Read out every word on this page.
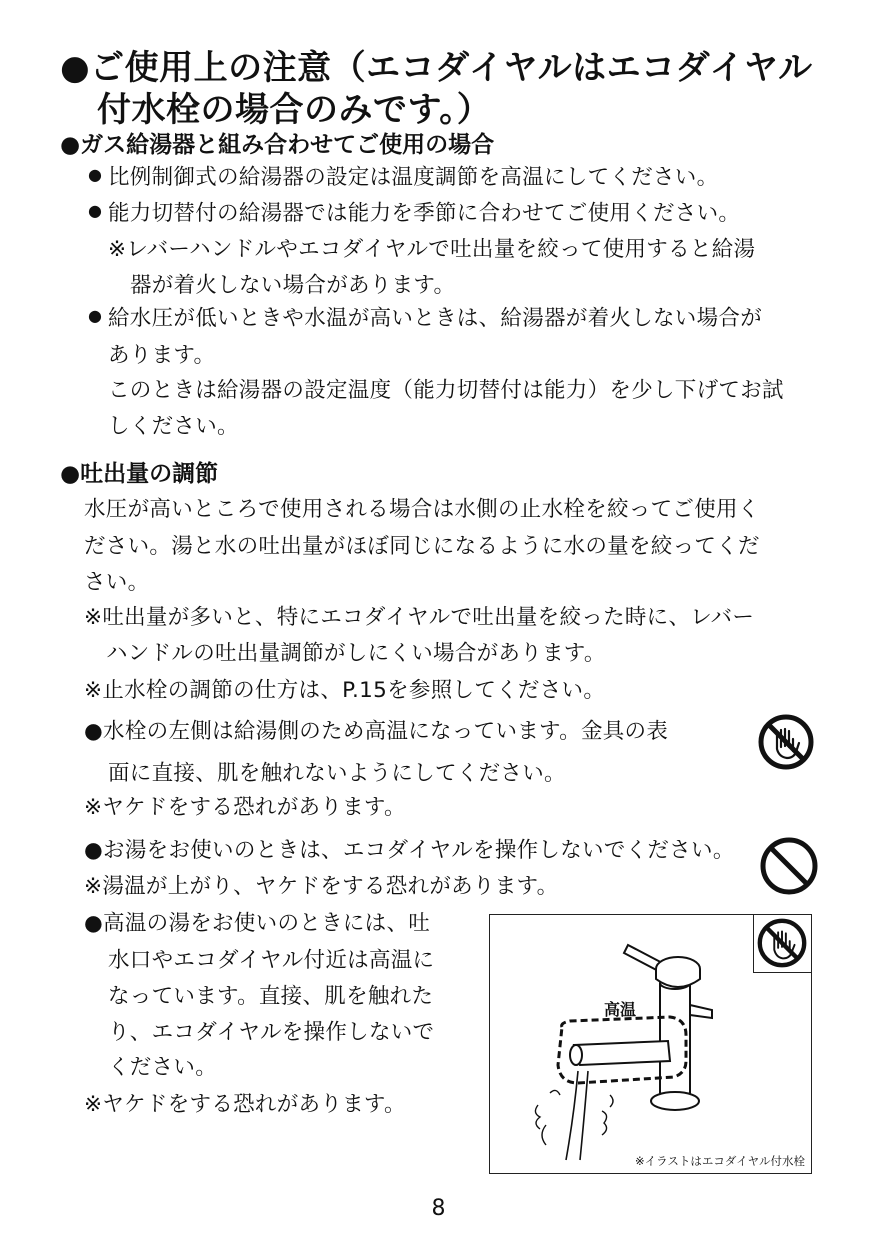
●ご使用上の注意（エコダイヤルはエコダイヤル
付水栓の場合のみです。）
●ガス給湯器と組み合わせてご使用の場合
● 比例制御式の給湯器の設定は温度調節を高温にしてください。
● 能力切替付の給湯器では能力を季節に合わせてご使用ください。
※レバーハンドルやエコダイヤルで吐出量を絞って使用すると給湯
器が着火しない場合があります。
● 給水圧が低いときや水温が高いときは、給湯器が着火しない場合が
あります。
このときは給湯器の設定温度（能力切替付は能力）を少し下げてお試
しください。
●吐出量の調節
水圧が高いところで使用される場合は水側の止水栓を絞ってご使用く
ださい。湯と水の吐出量がほぼ同じになるように水の量を絞ってくだ
さい。
※吐出量が多いと、特にエコダイヤルで吐出量を絞った時に、レバー
ハンドルの吐出量調節がしにくい場合があります。
※止水栓の調節の仕方は、P.15を参照してください。
●水栓の左側は給湯側のため高温になっています。金具の表
面に直接、肌を触れないようにしてください。
※ヤケドをする恐れがあります。
●お湯をお使いのときは、エコダイヤルを操作しないでください。
※湯温が上がり、ヤケドをする恐れがあります。
●高温の湯をお使いのときには、吐
水口やエコダイヤル付近は高温に
なっています。直接、肌を触れた
り、エコダイヤルを操作しないで
ください。
※ヤケドをする恐れがあります。
高温
※イラストはエコダイヤル付水栓
8
